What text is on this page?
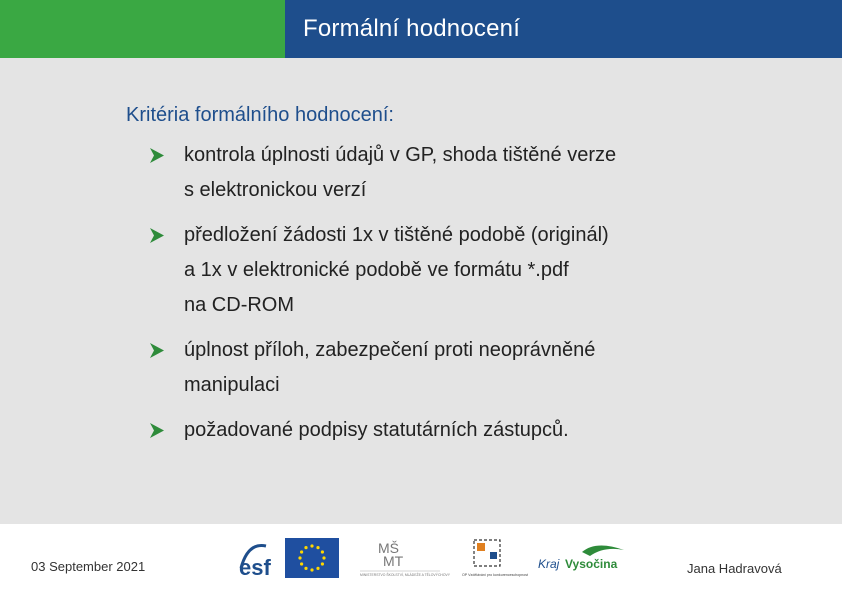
Formální hodnocení
Kritéria formálního hodnocení:
kontrola úplnosti údajů v GP, shoda tištěné verze
s elektronickou verzí
předložení žádosti 1x v tištěné podobě (originál)
a 1x v elektronické podobě ve formátu *.pdf
na CD-ROM
úplnost příloh, zabezpečení proti neoprávněné
manipulaci
požadované podpisy statutárních zástupců.
03 September 2021	esf
MŠ
MT
MINISTERSTVO ŠKOLSTVÍ, MLÁDEŽE A TĚLOVÝCHOVY	OP Vzdělávání pro konkurenceschopnost
Kraj Vysočina	Jana Hadravová
